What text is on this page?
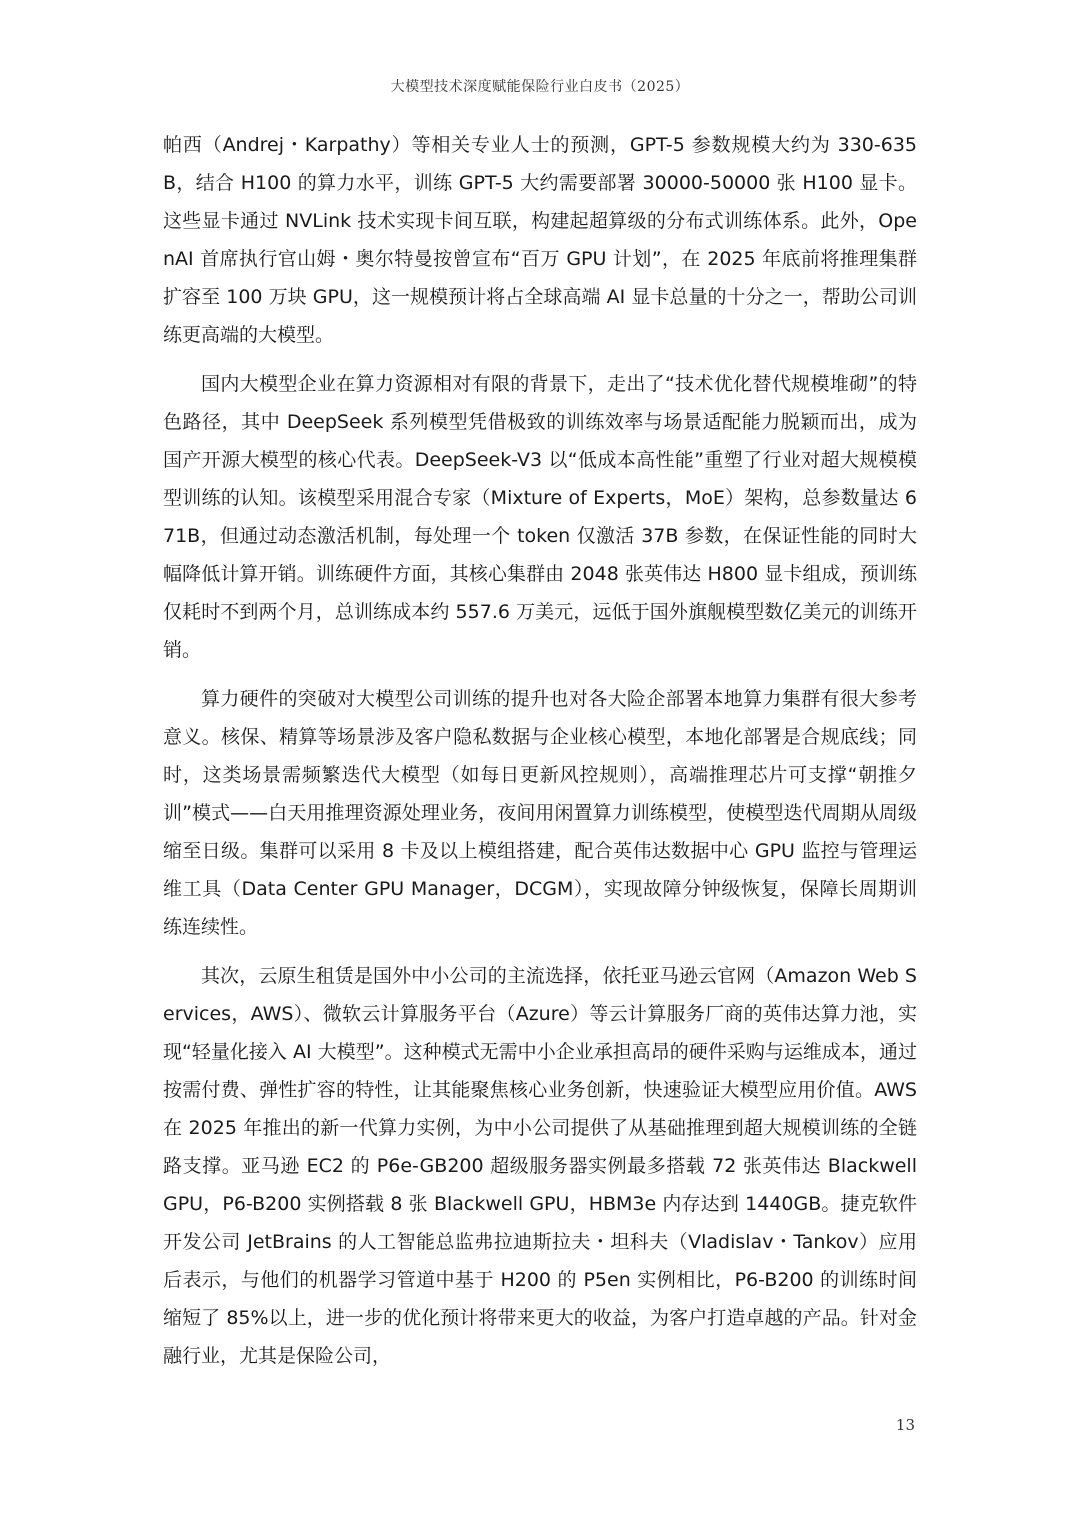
大模型技术深度赋能保险行业白皮书（2025）

帕西（Andrej・Karpathy）等相关专业人士的预测，GPT-5 参数规模大约为 330-635B，结合 H100 的算力水平，训练 GPT-5 大约需要部署 30000-50000 张 H100 显卡。这些显卡通过 NVLink 技术实现卡间互联，构建起超算级的分布式训练体系。此外，OpenAI 首席执行官山姆・奥尔特曼按曾宣布“百万 GPU 计划”，在 2025 年底前将推理集群扩容至 100 万块 GPU，这一规模预计将占全球高端 AI 显卡总量的十分之一，帮助公司训练更高端的大模型。

国内大模型企业在算力资源相对有限的背景下，走出了“技术优化替代规模堆砌”的特色路径，其中 DeepSeek 系列模型凭借极致的训练效率与场景适配能力脱颖而出，成为国产开源大模型的核心代表。DeepSeek-V3 以“低成本高性能”重塑了行业对超大规模模型训练的认知。该模型采用混合专家（Mixture of Experts，MoE）架构，总参数量达 671B，但通过动态激活机制，每处理一个 token 仅激活 37B 参数，在保证性能的同时大幅降低计算开销。训练硬件方面，其核心集群由 2048 张英伟达 H800 显卡组成，预训练仅耗时不到两个月，总训练成本约 557.6 万美元，远低于国外旗舰模型数亿美元的训练开销。

算力硬件的突破对大模型公司训练的提升也对各大险企部署本地算力集群有很大参考意义。核保、精算等场景涉及客户隐私数据与企业核心模型，本地化部署是合规底线；同时，这类场景需频繁迭代大模型（如每日更新风控规则），高端推理芯片可支撑“朝推夕训”模式——白天用推理资源处理业务，夜间用闲置算力训练模型，使模型迭代周期从周级缩至日级。集群可以采用 8 卡及以上模组搭建，配合英伟达数据中心 GPU 监控与管理运维工具（Data Center GPU Manager，DCGM），实现故障分钟级恢复，保障长周期训练连续性。

其次，云原生租赁是国外中小公司的主流选择，依托亚马逊云官网（Amazon Web Services，AWS）、微软云计算服务平台（Azure）等云计算服务厂商的英伟达算力池，实现“轻量化接入 AI 大模型”。这种模式无需中小企业承担高昂的硬件采购与运维成本，通过按需付费、弹性扩容的特性，让其能聚焦核心业务创新，快速验证大模型应用价值。AWS 在 2025 年推出的新一代算力实例，为中小公司提供了从基础推理到超大规模训练的全链路支撑。亚马逊 EC2 的 P6e-GB200 超级服务器实例最多搭载 72 张英伟达 Blackwell GPU，P6-B200 实例搭载 8 张 Blackwell GPU，HBM3e 内存达到 1440GB。捷克软件开发公司 JetBrains 的人工智能总监弗拉迪斯拉夫・坦科夫（Vladislav・Tankov）应用后表示，与他们的机器学习管道中基于 H200 的 P5en 实例相比，P6-B200 的训练时间缩短了 85%以上，进一步的优化预计将带来更大的收益，为客户打造卓越的产品。针对金融行业，尤其是保险公司，

13
